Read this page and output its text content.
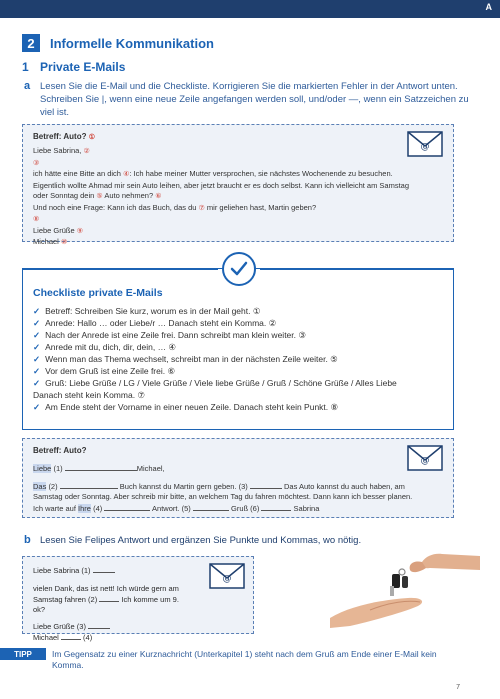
A
2	Informelle Kommunikation
1 Private E-Mails
a Lesen Sie die E-Mail und die Checkliste. Korrigieren Sie die markierten Fehler in der Antwort unten. Schreiben Sie |, wenn eine neue Zeile angefangen werden soll, und/oder —, wenn ein Satzzeichen zu viel ist.
Betreff: Auto? ①
Liebe Sabrina, ②
③
ich hätte eine Bitte an dich ④: Ich habe meiner Mutter versprochen, sie nächstes Wochenende zu besuchen.
Eigentlich wollte Ahmad mir sein Auto leihen, aber jetzt braucht er es doch selbst. Kann ich vielleicht am Samstag
oder Sonntag dein ⑤ Auto nehmen? ⑥
Und noch eine Frage: Kann ich das Buch, das du ⑦ mir geliehen hast, Martin geben?
⑧
Liebe Grüße ⑨
Michael ⑩
@
Checkliste private E-Mails
✓ Betreff: Schreiben Sie kurz, worum es in der Mail geht. ①
✓ Anrede: Hallo … oder Liebe/r … Danach steht ein Komma. ②
✓ Nach der Anrede ist eine Zeile frei. Dann schreibt man klein weiter. ③
✓ Anrede mit du, dich, dir, dein, … ④
✓ Wenn man das Thema wechselt, schreibt man in der nächsten Zeile weiter. ⑤
✓ Vor dem Gruß ist eine Zeile frei. ⑥
✓ Gruß: Liebe Grüße / LG / Viele Grüße / Viele liebe Grüße / Gruß / Schöne Grüße / Alles Liebe
Danach steht kein Komma. ⑦
✓ Am Ende steht der Vorname in einer neuen Zeile. Danach steht kein Punkt. ⑧
Betreff: Auto?
Liebe (1)	Michael,
Das (2)	Buch kannst du Martin gern geben. (3)	Das Auto kannst du auch haben, am
Samstag oder Sonntag. Aber schreib mir bitte, an welchem Tag du fahren möchtest. Dann kann ich besser planen.
Ich warte auf Ihre (4)	Antwort. (5)	Gruß (6)	Sabrina
@
b Lesen Sie Felipes Antwort und ergänzen Sie Punkte und Kommas, wo nötig.
Liebe Sabrina (1)
vielen Dank, das ist nett! Ich würde gern am
Samstag fahren (2)	Ich komme um 9. ok?
Liebe Grüße (3)
Michael	(4)
@
TIPP	Im Gegensatz zu einer Kurznachricht (Unterkapitel 1) steht nach dem Gruß am Ende einer E-Mail kein Komma.
7
